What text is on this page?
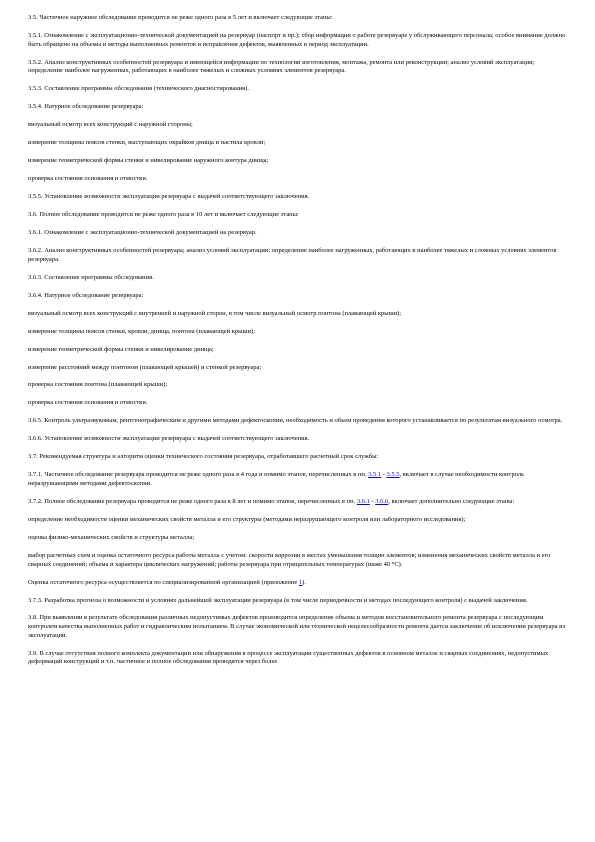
3.5. Частичное наружное обследование проводится не реже одного раза в 5 лет и включает следующие этапы:

3.5.1. Ознакомление с эксплуатационно-технической документацией на резервуар (паспорт и пр.); сбор информации о работе резервуаре у обслуживающего персонала; особое внимание должно быть обращено на объемы и методы выполненных ремонтов и исправления дефектов, выявленных в период эксплуатации.

3.5.2. Анализ конструктивных особенностей резервуара и имеющейся информации по технологии изготовления, монтажа, ремонта или реконструкции; анализ условий эксплуатации; определение наиболее нагруженных, работающих в наиболее тяжелых и сложных условиях элементов резервуара.

3.5.3. Составление программы обследования (технического диагностирования).

3.5.4. Натурное обследование резервуара:

визуальный осмотр всех конструкций с наружной стороны;

измерение толщины поясов стенки, выступающих окрайков днища и настила кровли;

измерение геометрической формы стенки и нивелирование наружного контура днища;

проверка состояния основания и отмостки.

3.5.5. Установление возможности эксплуатации резервуара с выдачей соответствующего заключения.

3.6. Полное обследование проводится не реже одного раза в 10 лет и включает следующие этапы:

3.6.1. Ознакомление с эксплуатационно-технической документацией на резервуар.

3.6.2. Анализ конструктивных особенностей резервуара; анализ условий эксплуатации; определение наиболее нагруженных, работающих в наиболее тяжелых и сложных условиях элементов резервуара.

3.6.3. Составление программы обследования.

3.6.4. Натурное обследование резервуара:

визуальный осмотр всех конструкций с внутренней и наружной сторон, в том числе визуальный осмотр понтона (плавающей крыши);

измерение толщины поясов стенки, кровли, днища, понтона (плавающей крыши);

измерение геометрической формы стенки и нивелирование днища;

измерение расстояний между понтоном (плавающей крышей) и стенкой резервуара;

проверка состояния понтона (плавающей крыши);

проверка состояния основания и отмостки.

3.6.5. Контроль ультразвуковым, рентгенографическим и другими методами дефектоскопии, необходимость и объем проведения которого устанавливается по результатам визуального осмотра.

3.6.6. Установление возможности эксплуатации резервуара с выдачей соответствующего заключения.

3.7. Рекомендуемая структура и алгоритм оценки технического состояния резервуара, отработавшего расчетный срок службы:

3.7.1. Частичное обследование резервуара проводится не реже одного раза в 4 года и помимо этапов, перечисленных в пп. 3.5.1 - 3.5.5, включает в случае необходимости контроль неразрушающими методами дефектоскопии.

3.7.2. Полное обследование резервуара проводится не реже одного раза в 8 лет и помимо этапов, перечисленных в пп. 3.6.1 - 3.6.6, включает дополнительно следующие этапы:

определение необходимости оценки механических свойств металла и его структуры (методами неразрушающего контроля или лабораторного исследования);

оценка физико-механических свойств и структуры металла;

выбор расчетных схем и оценка остаточного ресурса работы металла с учетом: скорости коррозии в местах уменьшения толщин элементов; изменения механических свойств металла и его сварных соединений; объема и характера циклических нагружений; работы резервуара при отрицательных температурах (ниже 40 °С).

Оценка остаточного ресурса осуществляется по специализированной организацией (приложение 1).

3.7.3. Разработка прогноза о возможности и условиях дальнейшей эксплуатации резервуара (в том числе периодичности и методах последующего контроля) с выдачей заключения.

3.8. При выявлении в результате обследования различных недопустимых дефектов производится определение объема и методов восстановительного ремонта резервуара с последующим контролем качества выполненных работ и гидравлическим испытанием. В случае экономической или технической нецелесообразности ремонта дается заключение об исключении резервуара из эксплуатации.

3.9. В случае отсутствия полного комплекта документации или обнаружения в процессе эксплуатации существенных дефектов в основном металле и сварных соединениях, недопустимых деформаций конструкций и т.п. частичное и полное обследования проводятся через более
